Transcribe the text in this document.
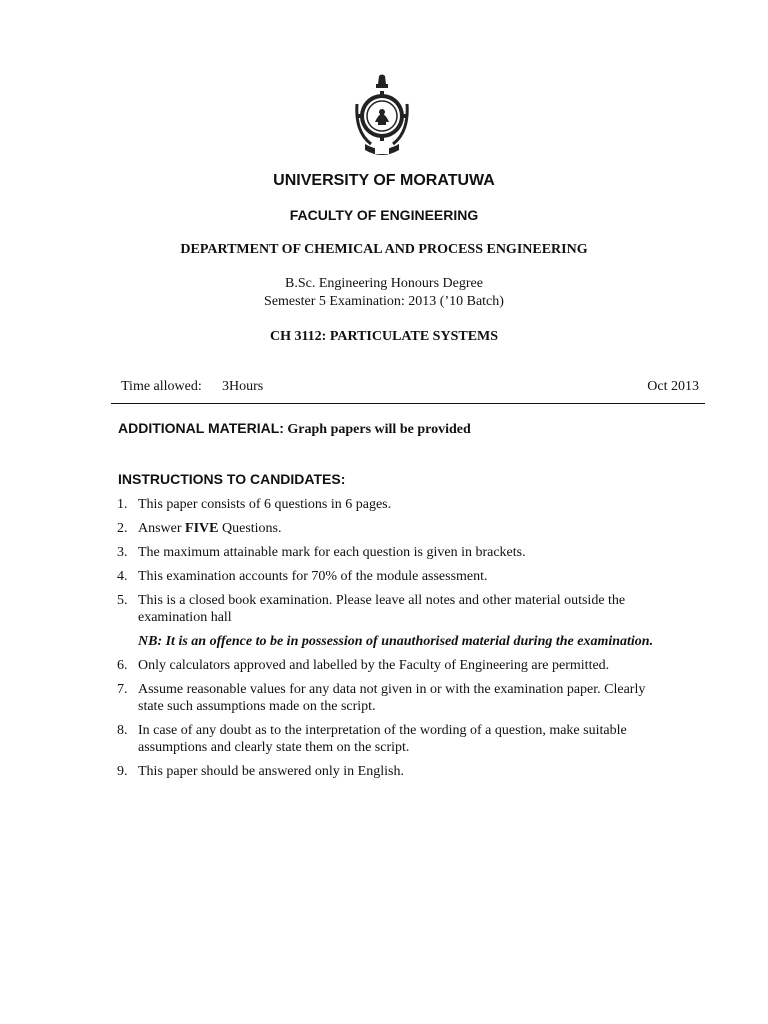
UNIVERSITY OF MORATUWA
FACULTY OF ENGINEERING
DEPARTMENT OF CHEMICAL AND PROCESS ENGINEERING
B.Sc. Engineering Honours Degree
Semester 5 Examination: 2013 (’10 Batch)
CH 3112: PARTICULATE SYSTEMS
Time allowed: 3Hours	Oct 2013
ADDITIONAL MATERIAL: Graph papers will be provided
INSTRUCTIONS TO CANDIDATES:
1. This paper consists of 6 questions in 6 pages.
2. Answer FIVE Questions.
3. The maximum attainable mark for each question is given in brackets.
4. This examination accounts for 70% of the module assessment.
5. This is a closed book examination. Please leave all notes and other material outside the examination hall
NB: It is an offence to be in possession of unauthorised material during the examination.
6. Only calculators approved and labelled by the Faculty of Engineering are permitted.
7. Assume reasonable values for any data not given in or with the examination paper. Clearly state such assumptions made on the script.
8. In case of any doubt as to the interpretation of the wording of a question, make suitable assumptions and clearly state them on the script.
9. This paper should be answered only in English.
